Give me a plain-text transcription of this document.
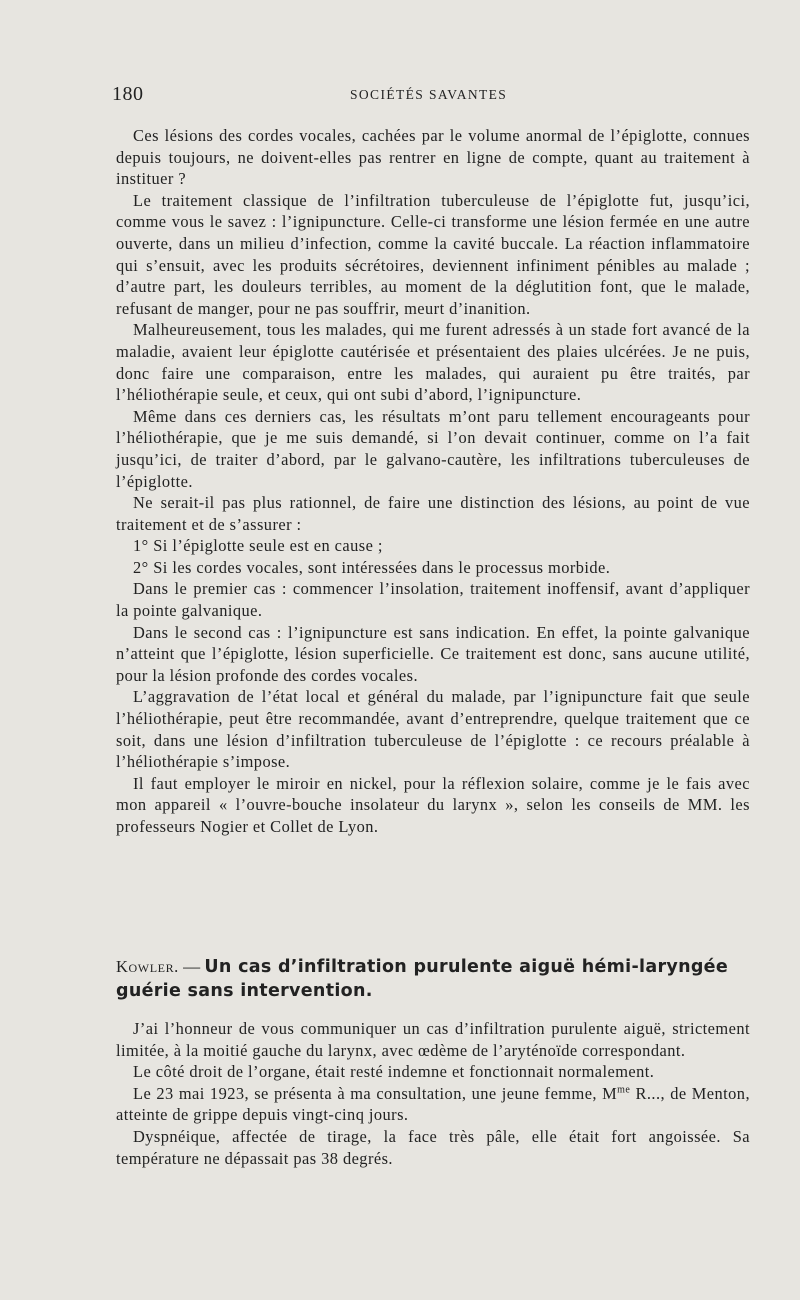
180	SOCIÉTÉS SAVANTES

Ces lésions des cordes vocales, cachées par le volume anormal de l’épiglotte, connues depuis toujours, ne doivent-elles pas rentrer en ligne de compte, quant au traitement à instituer ?

Le traitement classique de l’infiltration tuberculeuse de l’épiglotte fut, jusqu’ici, comme vous le savez : l’ignipuncture. Celle-ci transforme une lésion fermée en une autre ouverte, dans un milieu d’infection, comme la cavité buccale. La réaction inflammatoire qui s’ensuit, avec les produits sécrétoires, deviennent infiniment pénibles au malade ; d’autre part, les douleurs terribles, au moment de la déglutition font, que le malade, refusant de manger, pour ne pas souffrir, meurt d’inanition.

Malheureusement, tous les malades, qui me furent adressés à un stade fort avancé de la maladie, avaient leur épiglotte cautérisée et présentaient des plaies ulcérées. Je ne puis, donc faire une comparaison, entre les malades, qui auraient pu être traités, par l’héliothérapie seule, et ceux, qui ont subi d’abord, l’ignipuncture.

Même dans ces derniers cas, les résultats m’ont paru tellement encourageants pour l’héliothérapie, que je me suis demandé, si l’on devait continuer, comme on l’a fait jusqu’ici, de traiter d’abord, par le galvano-cautère, les infiltrations tuberculeuses de l’épiglotte.

Ne serait-il pas plus rationnel, de faire une distinction des lésions, au point de vue traitement et de s’assurer :

1° Si l’épiglotte seule est en cause ;

2° Si les cordes vocales, sont intéressées dans le processus morbide.

Dans le premier cas : commencer l’insolation, traitement inoffensif, avant d’appliquer la pointe galvanique.

Dans le second cas : l’ignipuncture est sans indication. En effet, la pointe galvanique n’atteint que l’épiglotte, lésion superficielle. Ce traitement est donc, sans aucune utilité, pour la lésion profonde des cordes vocales.

L’aggravation de l’état local et général du malade, par l’ignipuncture fait que seule l’héliothérapie, peut être recommandée, avant d’entreprendre, quelque traitement que ce soit, dans une lésion d’infiltration tuberculeuse de l’épiglotte : ce recours préalable à l’héliothérapie s’impose.

Il faut employer le miroir en nickel, pour la réflexion solaire, comme je le fais avec mon appareil « l’ouvre-bouche insolateur du larynx », selon les conseils de MM. les professeurs Nogier et Collet de Lyon.

Kowler. — Un cas d’infiltration purulente aiguë hémi-laryngée guérie sans intervention.

J’ai l’honneur de vous communiquer un cas d’infiltration purulente aiguë, strictement limitée, à la moitié gauche du larynx, avec œdème de l’aryténoïde correspondant.

Le côté droit de l’organe, était resté indemne et fonctionnait normalement.

Le 23 mai 1923, se présenta à ma consultation, une jeune femme, $M^{me}$ R..., de Menton, atteinte de grippe depuis vingt-cinq jours.

Dyspnéique, affectée de tirage, la face très pâle, elle était fort angoissée. Sa température ne dépassait pas 38 degrés.
